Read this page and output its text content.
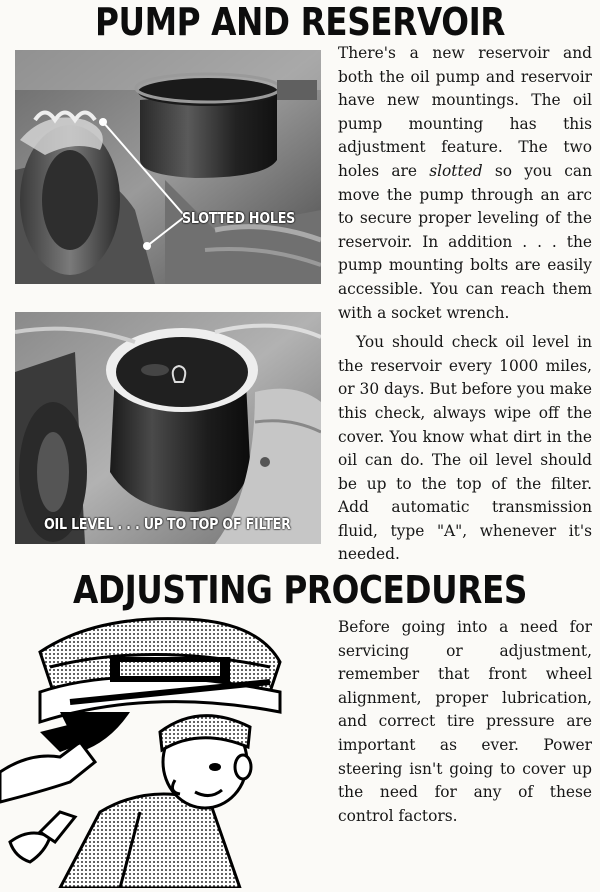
PUMP AND RESERVOIR

There's a new reservoir and both the oil pump and reservoir have new mountings. The oil pump mounting has this adjustment feature. The two holes are slotted so you can move the pump through an arc to secure proper leveling of the reservoir. In addition . . . the pump mounting bolts are easily accessible. You can reach them with a socket wrench.

You should check oil level in the reservoir every 1000 miles, or 30 days. But before you make this check, always wipe off the cover. You know what dirt in the oil can do. The oil level should be up to the top of the filter. Add automatic transmission fluid, type "A", whenever it's needed.

SLOTTED HOLES
OIL LEVEL . . . UP TO TOP OF FILTER
ADJUSTING PROCEDURES

Before going into a need for servicing or adjustment, remember that front wheel alignment, proper lubrication, and correct tire pressure are important as ever. Power steering isn't going to cover up the need for any of these control factors.
